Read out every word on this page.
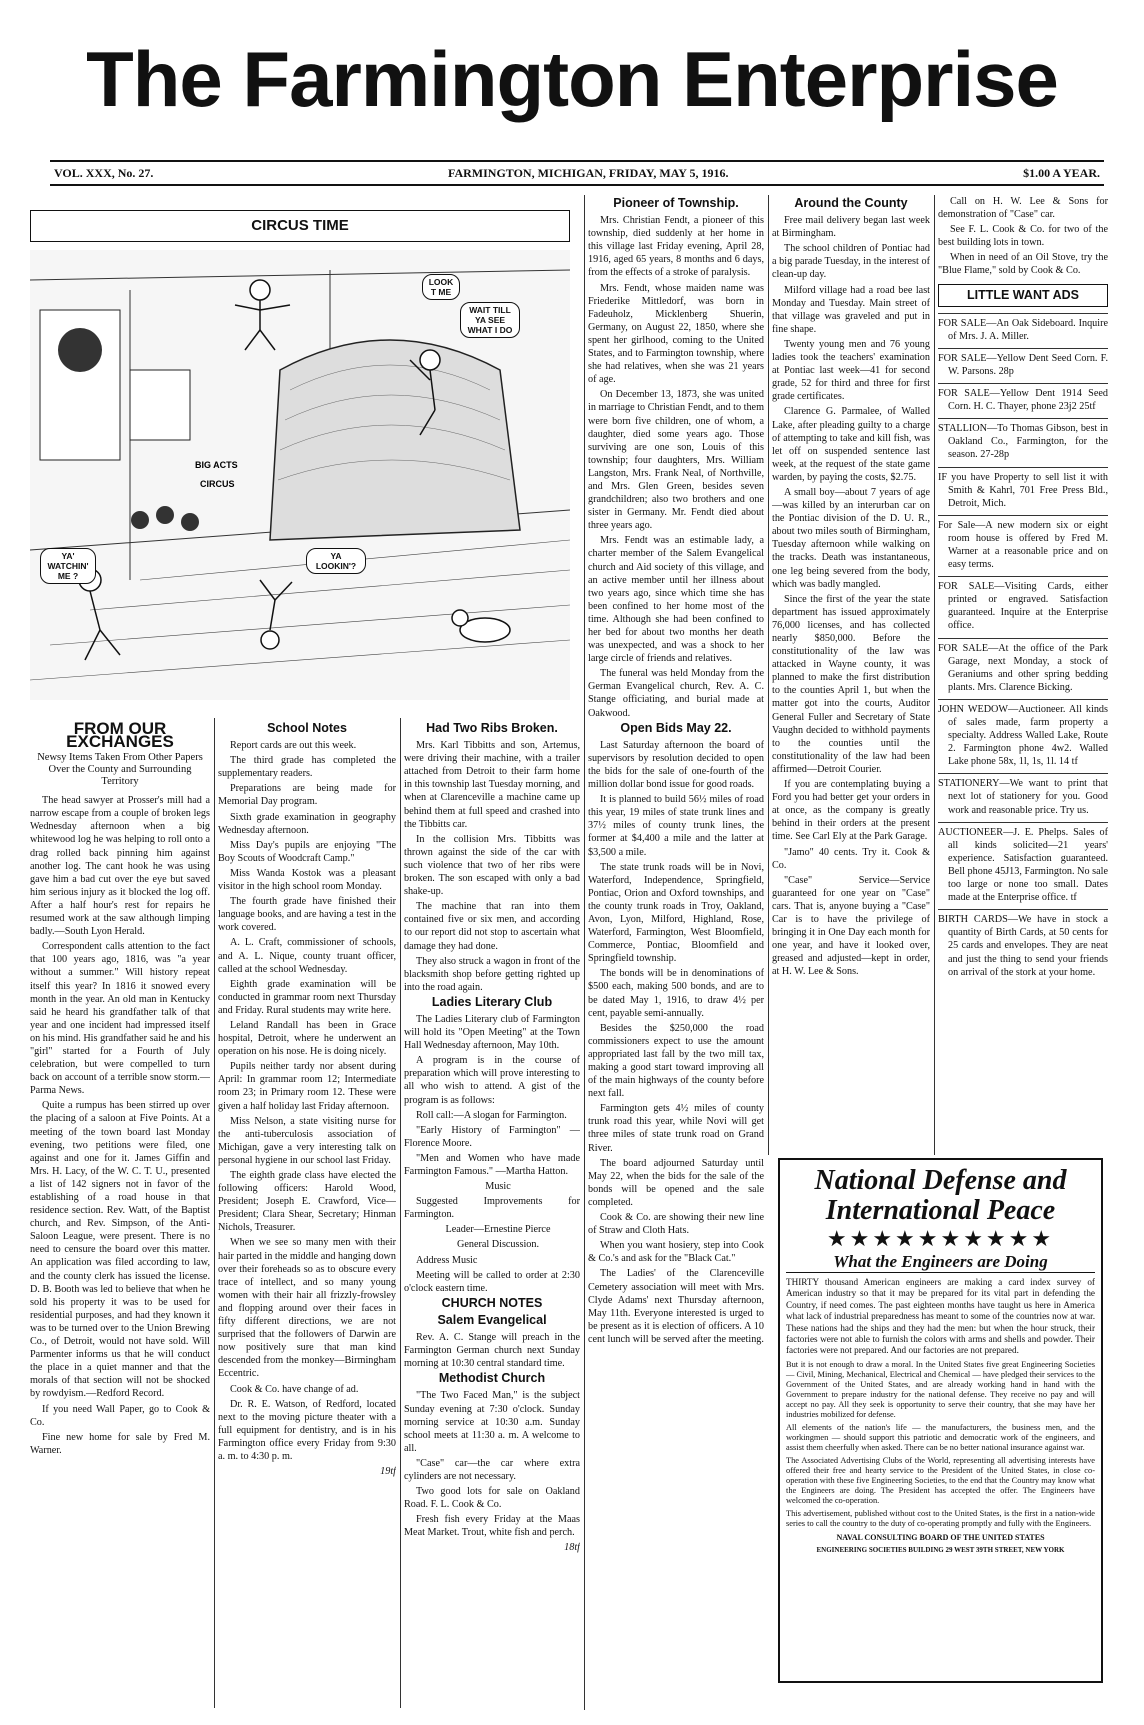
The Farmington Enterprise
VOL. XXX, No. 27.	FARMINGTON, MICHIGAN, FRIDAY, MAY 5, 1916.	$1.00 A YEAR.
CIRCUS TIME
BIG ACTS
CIRCUS
LOOK T ME
WAIT TILL YA SEE WHAT I DO
YA' WATCHIN' ME ?
YA LOOKIN'?
FROM OUR EXCHANGES
Newsy Items Taken From Other Papers Over the County and Surrounding Territory

The head sawyer at Prosser's mill had a narrow escape from a couple of broken legs Wednesday afternoon when a big whitewood log he was helping to roll onto a drag rolled back pinning him against another log. The cant hook he was using gave him a bad cut over the eye but saved him serious injury as it blocked the log off. After a half hour's rest for repairs he resumed work at the saw although limping badly.—South Lyon Herald.

Correspondent calls attention to the fact that 100 years ago, 1816, was "a year without a summer." Will history repeat itself this year? In 1816 it snowed every month in the year. An old man in Kentucky said he heard his grandfather talk of that year and one incident had impressed itself on his mind. His grandfather said he and his "girl" started for a Fourth of July celebration, but were compelled to turn back on account of a terrible snow storm.—Parma News.

Quite a rumpus has been stirred up over the placing of a saloon at Five Points. At a meeting of the town board last Monday evening, two petitions were filed, one against and one for it. James Giffin and Mrs. H. Lacy, of the W. C. T. U., presented a list of 142 signers not in favor of the establishing of a road house in that residence section. Rev. Watt, of the Baptist church, and Rev. Simpson, of the Anti-Saloon League, were present. There is no need to censure the board over this matter. An application was filed according to law, and the county clerk has issued the license. D. B. Booth was led to believe that when he sold his property it was to be used for residential purposes, and had they known it was to be turned over to the Union Brewing Co., of Detroit, would not have sold. Will Parmenter informs us that he will conduct the place in a quiet manner and that the morals of that section will not be shocked by rowdyism.—Redford Record.

If you need Wall Paper, go to Cook & Co.

Fine new home for sale by Fred M. Warner.

School Notes

Report cards are out this week.

The third grade has completed the supplementary readers.

Preparations are being made for Memorial Day program.

Sixth grade examination in geography Wednesday afternoon.

Miss Day's pupils are enjoying "The Boy Scouts of Woodcraft Camp."

Miss Wanda Kostok was a pleasant visitor in the high school room Monday.

The fourth grade have finished their language books, and are having a test in the work covered.

A. L. Craft, commissioner of schools, and A. L. Nique, county truant officer, called at the school Wednesday.

Eighth grade examination will be conducted in grammar room next Thursday and Friday. Rural students may write here.

Leland Randall has been in Grace hospital, Detroit, where he underwent an operation on his nose. He is doing nicely.

Pupils neither tardy nor absent during April: In grammar room 12; Intermediate room 23; in Primary room 12. These were given a half holiday last Friday afternoon.

Miss Nelson, a state visiting nurse for the anti-tuberculosis association of Michigan, gave a very interesting talk on personal hygiene in our school last Friday.

The eighth grade class have elected the following officers: Harold Wood, President; Joseph E. Crawford, Vice—President; Clara Shear, Secretary; Hinman Nichols, Treasurer.

When we see so many men with their hair parted in the middle and hanging down over their foreheads so as to obscure every trace of intellect, and so many young women with their hair all frizzly-frowsley and flopping around over their faces in fifty different directions, we are not surprised that the followers of Darwin are now positively sure that man kind descended from the monkey—Birmingham Eccentric.

Cook & Co. have change of ad.

Dr. R. E. Watson, of Redford, located next to the moving picture theater with a full equipment for dentistry, and is in his Farmington office every Friday from 9:30 a. m. to 4:30 p. m.

19tf

Had Two Ribs Broken.

Mrs. Karl Tibbitts and son, Artemus, were driving their machine, with a trailer attached from Detroit to their farm home in this township last Tuesday morning, and when at Clarenceville a machine came up behind them at full speed and crashed into the Tibbitts car.

In the collision Mrs. Tibbitts was thrown against the side of the car with such violence that two of her ribs were broken. The son escaped with only a bad shake-up.

The machine that ran into them contained five or six men, and according to our report did not stop to ascertain what damage they had done.

They also struck a wagon in front of the blacksmith shop before getting righted up into the road again.

Ladies Literary Club

The Ladies Literary club of Farmington will hold its "Open Meeting" at the Town Hall Wednesday afternoon, May 10th.

A program is in the course of preparation which will prove interesting to all who wish to attend. A gist of the program is as follows:

Roll call:—A slogan for Farmington.

"Early History of Farmington" —Florence Moore.

"Men and Women who have made Farmington Famous." —Martha Hatton.

Music

Suggested Improvements for Farmington.

Leader—Ernestine Pierce

General Discussion.

Address Music

Meeting will be called to order at 2:30 o'clock eastern time.

CHURCH NOTES
Salem Evangelical

Rev. A. C. Stange will preach in the Farmington German church next Sunday morning at 10:30 central standard time.

Methodist Church

"The Two Faced Man," is the subject Sunday evening at 7:30 o'clock. Sunday morning service at 10:30 a.m. Sunday school meets at 11:30 a. m. A welcome to all.

"Case" car—the car where extra cylinders are not necessary.

Two good lots for sale on Oakland Road. F. L. Cook & Co.

Fresh fish every Friday at the Maas Meat Market. Trout, white fish and perch.

18tf

Pioneer of Township.

Mrs. Christian Fendt, a pioneer of this township, died suddenly at her home in this village last Friday evening, April 28, 1916, aged 65 years, 8 months and 6 days, from the effects of a stroke of paralysis.

Mrs. Fendt, whose maiden name was Friederike Mittledorf, was born in Fadeuholz, Micklenberg Shuerin, Germany, on August 22, 1850, where she spent her girlhood, coming to the United States, and to Farmington township, where she had relatives, when she was 21 years of age.

On December 13, 1873, she was united in marriage to Christian Fendt, and to them were born five children, one of whom, a daughter, died some years ago. Those surviving are one son, Louis of this township; four daughters, Mrs. William Langston, Mrs. Frank Neal, of Northville, and Mrs. Glen Green, besides seven grandchildren; also two brothers and one sister in Germany. Mr. Fendt died about three years ago.

Mrs. Fendt was an estimable lady, a charter member of the Salem Evangelical church and Aid society of this village, and an active member until her illness about two years ago, since which time she has been confined to her home most of the time. Although she had been confined to her bed for about two months her death was unexpected, and was a shock to her large circle of friends and relatives.

The funeral was held Monday from the German Evangelical church, Rev. A. C. Stange officiating, and burial made at Oakwood.

Open Bids May 22.

Last Saturday afternoon the board of supervisors by resolution decided to open the bids for the sale of one-fourth of the million dollar bond issue for good roads.

It is planned to build 56½ miles of road this year, 19 miles of state trunk lines and 37½ miles of county trunk lines, the former at $4,400 a mile and the latter at $3,500 a mile.

The state trunk roads will be in Novi, Waterford, Independence, Springfield, Pontiac, Orion and Oxford townships, and the county trunk roads in Troy, Oakland, Avon, Lyon, Milford, Highland, Rose, Waterford, Farmington, West Bloomfield, Commerce, Pontiac, Bloomfield and Springfield township.

The bonds will be in denominations of $500 each, making 500 bonds, and are to be dated May 1, 1916, to draw 4½ per cent, payable semi-annually.

Besides the $250,000 the road commissioners expect to use the amount appropriated last fall by the two mill tax, making a good start toward improving all of the main highways of the county before next fall.

Farmington gets 4½ miles of county trunk road this year, while Novi will get three miles of state trunk road on Grand River.

The board adjourned Saturday until May 22, when the bids for the sale of the bonds will be opened and the sale completed.

Cook & Co. are showing their new line of Straw and Cloth Hats.

When you want hosiery, step into Cook & Co.'s and ask for the "Black Cat."

The Ladies' of the Clarenceville Cemetery association will meet with Mrs. Clyde Adams' next Thursday afternoon, May 11th. Everyone interested is urged to be present as it is election of officers. A 10 cent lunch will be served after the meeting.

Around the County

Free mail delivery began last week at Birmingham.

The school children of Pontiac had a big parade Tuesday, in the interest of clean-up day.

Milford village had a road bee last Monday and Tuesday. Main street of that village was graveled and put in fine shape.

Twenty young men and 76 young ladies took the teachers' examination at Pontiac last week—41 for second grade, 52 for third and three for first grade certificates.

Clarence G. Parmalee, of Walled Lake, after pleading guilty to a charge of attempting to take and kill fish, was let off on suspended sentence last week, at the request of the state game warden, by paying the costs, $2.75.

A small boy—about 7 years of age—was killed by an interurban car on the Pontiac division of the D. U. R., about two miles south of Birmingham, Tuesday afternoon while walking on the tracks. Death was instantaneous, one leg being severed from the body, which was badly mangled.

Since the first of the year the state department has issued approximately 76,000 licenses, and has collected nearly $850,000. Before the constitutionality of the law was attacked in Wayne county, it was planned to make the first distribution to the counties April 1, but when the matter got into the courts, Auditor General Fuller and Secretary of State Vaughn decided to withhold payments to the counties until the constitutionality of the law had been affirmed—Detroit Courier.

If you are contemplating buying a Ford you had better get your orders in at once, as the company is greatly behind in their orders at the present time. See Carl Ely at the Park Garage.

"Jamo" 40 cents. Try it. Cook & Co.

"Case" Service—Service guaranteed for one year on "Case" cars. That is, anyone buying a "Case" Car is to have the privilege of bringing it in One Day each month for one year, and have it looked over, greased and adjusted—kept in order, at H. W. Lee & Sons.

Call on H. W. Lee & Sons for demonstration of "Case" car.

See F. L. Cook & Co. for two of the best building lots in town.

When in need of an Oil Stove, try the "Blue Flame," sold by Cook & Co.

LITTLE WANT ADS

FOR SALE—An Oak Sideboard. Inquire of Mrs. J. A. Miller.

FOR SALE—Yellow Dent Seed Corn. F. W. Parsons. 28p

FOR SALE—Yellow Dent 1914 Seed Corn. H. C. Thayer, phone 23j2 25tf

STALLION—To Thomas Gibson, best in Oakland Co., Farmington, for the season. 27-28p

IF you have Property to sell list it with Smith & Kahrl, 701 Free Press Bld., Detroit, Mich.

For Sale—A new modern six or eight room house is offered by Fred M. Warner at a reasonable price and on easy terms.

FOR SALE—Visiting Cards, either printed or engraved. Satisfaction guaranteed. Inquire at the Enterprise office.

FOR SALE—At the office of the Park Garage, next Monday, a stock of Geraniums and other spring bedding plants. Mrs. Clarence Bicking.

JOHN WEDOW—Auctioneer. All kinds of sales made, farm property a specialty. Address Walled Lake, Route 2. Farmington phone 4w2. Walled Lake phone 58x, 1l, 1s, 1l. 14 tf

STATIONERY—We want to print that next lot of stationery for you. Good work and reasonable price. Try us.

AUCTIONEER—J. E. Phelps. Sales of all kinds solicited—21 years' experience. Satisfaction guaranteed. Bell phone 45J13, Farmington. No sale too large or none too small. Dates made at the Enterprise office. tf

BIRTH CARDS—We have in stock a quantity of Birth Cards, at 50 cents for 25 cards and envelopes. They are neat and just the thing to send your friends on arrival of the stork at your home.

National Defense and
International Peace
★★★★★★★★★★
What the Engineers are Doing

THIRTY thousand American engineers are making a card index survey of American industry so that it may be prepared for its vital part in defending the Country, if need comes. The past eighteen months have taught us here in America what lack of industrial preparedness has meant to some of the countries now at war. These nations had the ships and they had the men: but when the hour struck, their factories were not able to furnish the colors with arms and shells and powder. Their factories were not prepared. And our factories are not prepared.

But it is not enough to draw a moral. In the United States five great Engineering Societies — Civil, Mining, Mechanical, Electrical and Chemical — have pledged their services to the Government of the United States, and are already working hand in hand with the Government to prepare industry for the national defense. They receive no pay and will accept no pay. All they seek is opportunity to serve their country, that she may have her industries mobilized for defense.

All elements of the nation's life — the manufacturers, the business men, and the workingmen — should support this patriotic and democratic work of the engineers, and assist them cheerfully when asked. There can be no better national insurance against war.

The Associated Advertising Clubs of the World, representing all advertising interests have offered their free and hearty service to the President of the United States, in close co-operation with these five Engineering Societies, to the end that the Country may know what the Engineers are doing. The President has accepted the offer. The Engineers have welcomed the co-operation.

This advertisement, published without cost to the United States, is the first in a nation-wide series to call the country to the duty of co-operating promptly and fully with the Engineers.

NAVAL CONSULTING BOARD OF THE UNITED STATES
ENGINEERING SOCIETIES BUILDING 29 WEST 39TH STREET, NEW YORK
